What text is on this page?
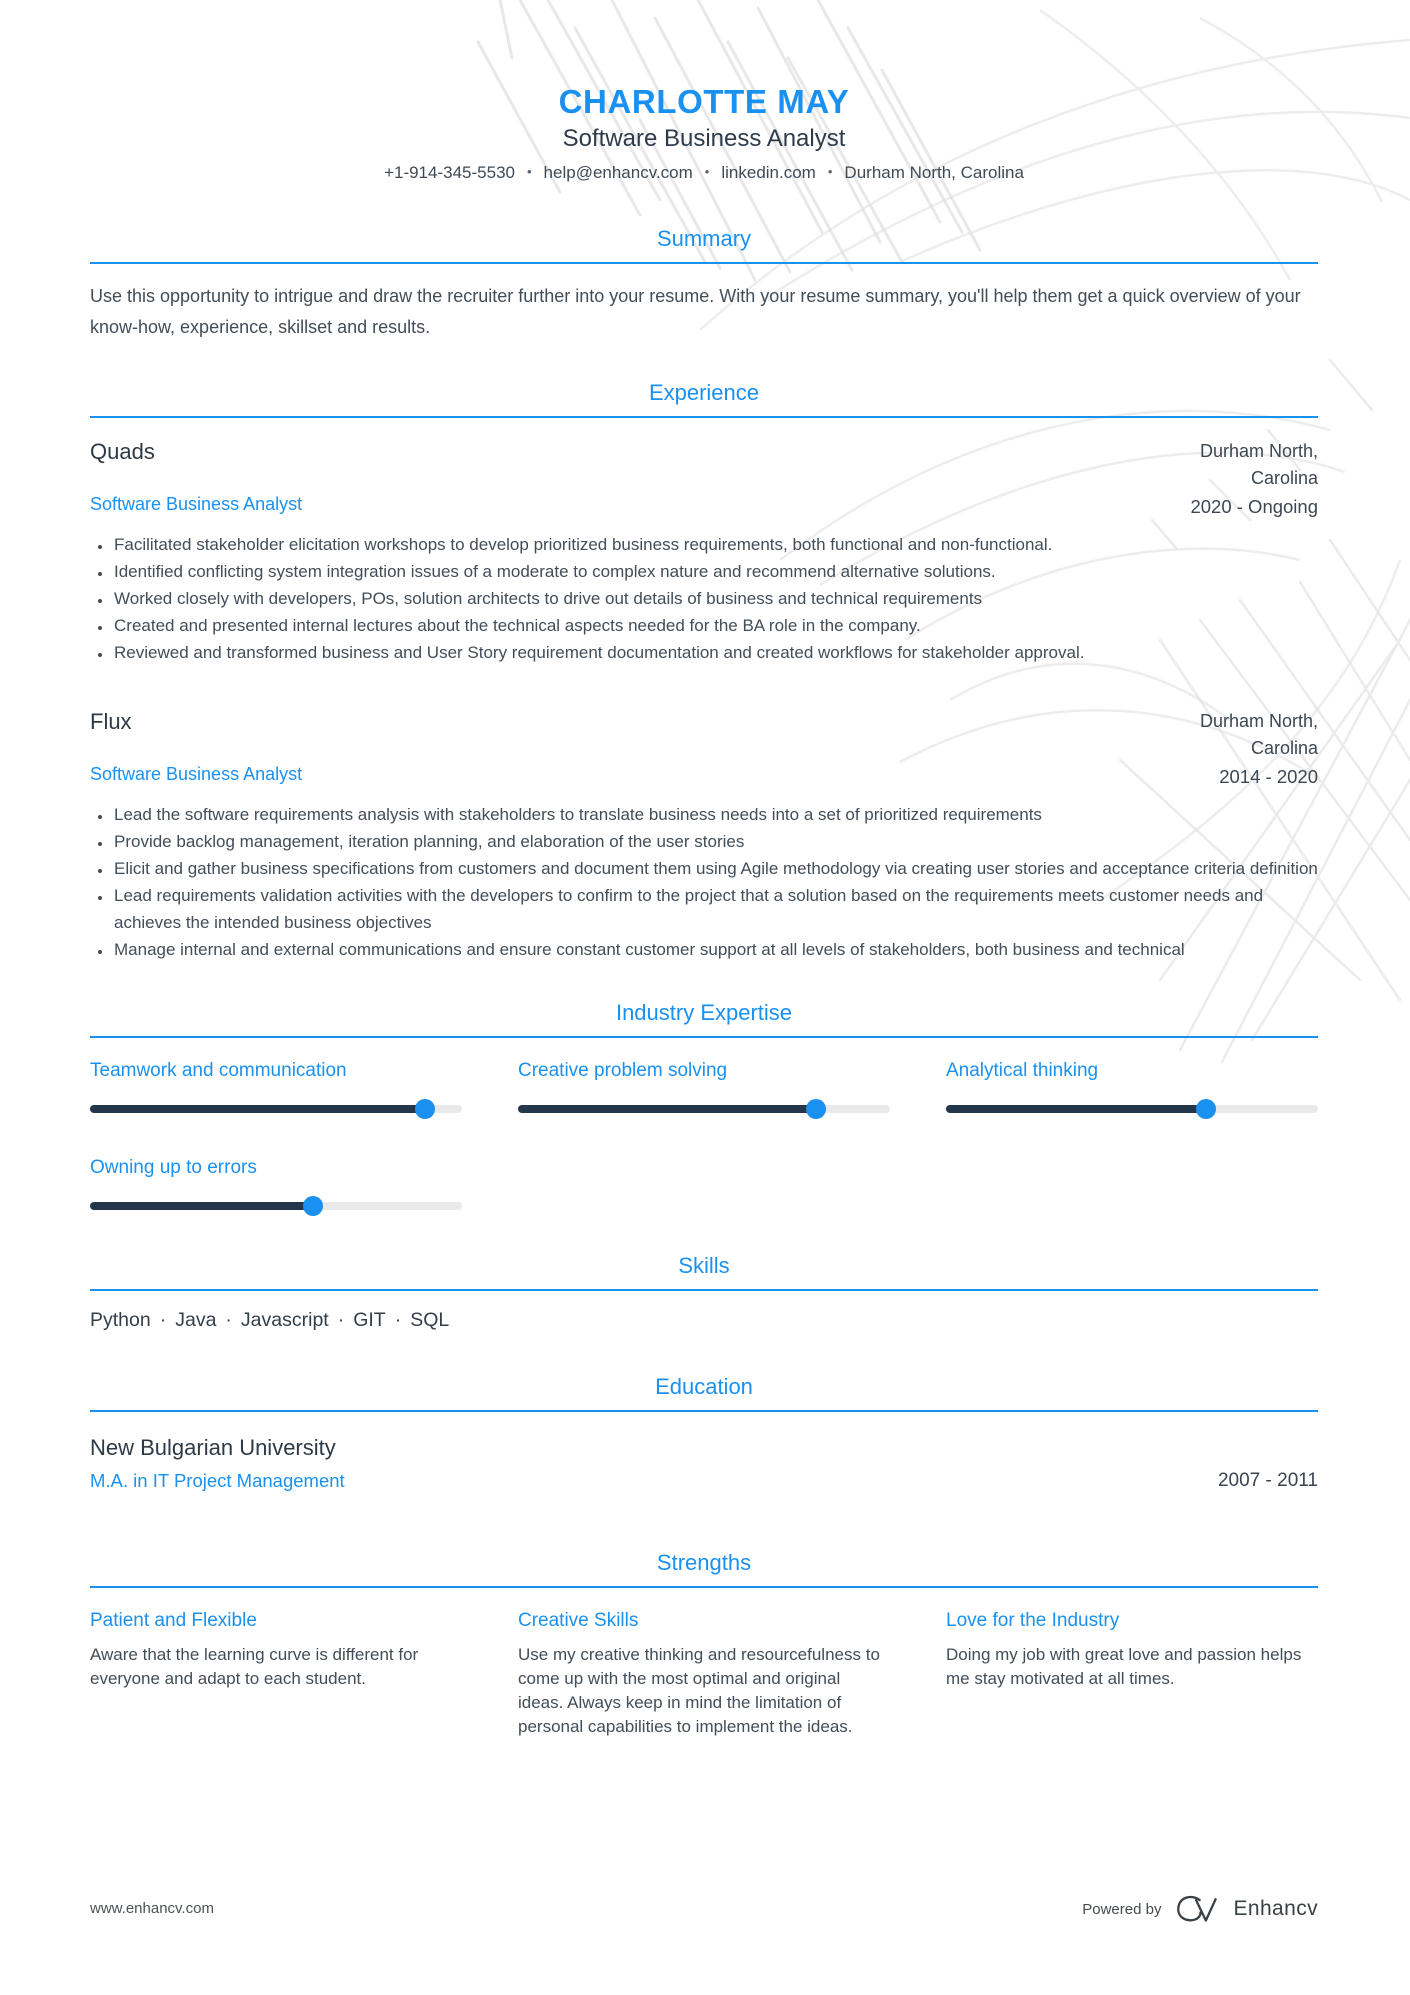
CHARLOTTE MAY
Software Business Analyst
+1-914-345-5530 • help@enhancv.com • linkedin.com • Durham North, Carolina
Summary
Use this opportunity to intrigue and draw the recruiter further into your resume. With your resume summary, you'll help them get a quick overview of your know-how, experience, skillset and results.
Experience
Quads
Software Business Analyst
Durham North, Carolina
2020 - Ongoing
• Facilitated stakeholder elicitation workshops to develop prioritized business requirements, both functional and non-functional.
• Identified conflicting system integration issues of a moderate to complex nature and recommend alternative solutions.
• Worked closely with developers, POs, solution architects to drive out details of business and technical requirements
• Created and presented internal lectures about the technical aspects needed for the BA role in the company.
• Reviewed and transformed business and User Story requirement documentation and created workflows for stakeholder approval.
Flux
Software Business Analyst
Durham North, Carolina
2014 - 2020
• Lead the software requirements analysis with stakeholders to translate business needs into a set of prioritized requirements
• Provide backlog management, iteration planning, and elaboration of the user stories
• Elicit and gather business specifications from customers and document them using Agile methodology via creating user stories and acceptance criteria definition
• Lead requirements validation activities with the developers to confirm to the project that a solution based on the requirements meets customer needs and achieves the intended business objectives
• Manage internal and external communications and ensure constant customer support at all levels of stakeholders, both business and technical
Industry Expertise
Teamwork and communication	Creative problem solving	Analytical thinking
Owning up to errors
Skills
Python · Java · Javascript · GIT · SQL
Education
New Bulgarian University
M.A. in IT Project Management	2007 - 2011
Strengths
Patient and Flexible
Aware that the learning curve is different for everyone and adapt to each student.
Creative Skills
Use my creative thinking and resourcefulness to come up with the most optimal and original ideas. Always keep in mind the limitation of personal capabilities to implement the ideas.
Love for the Industry
Doing my job with great love and passion helps me stay motivated at all times.
www.enhancv.com	Powered by	Enhancv
